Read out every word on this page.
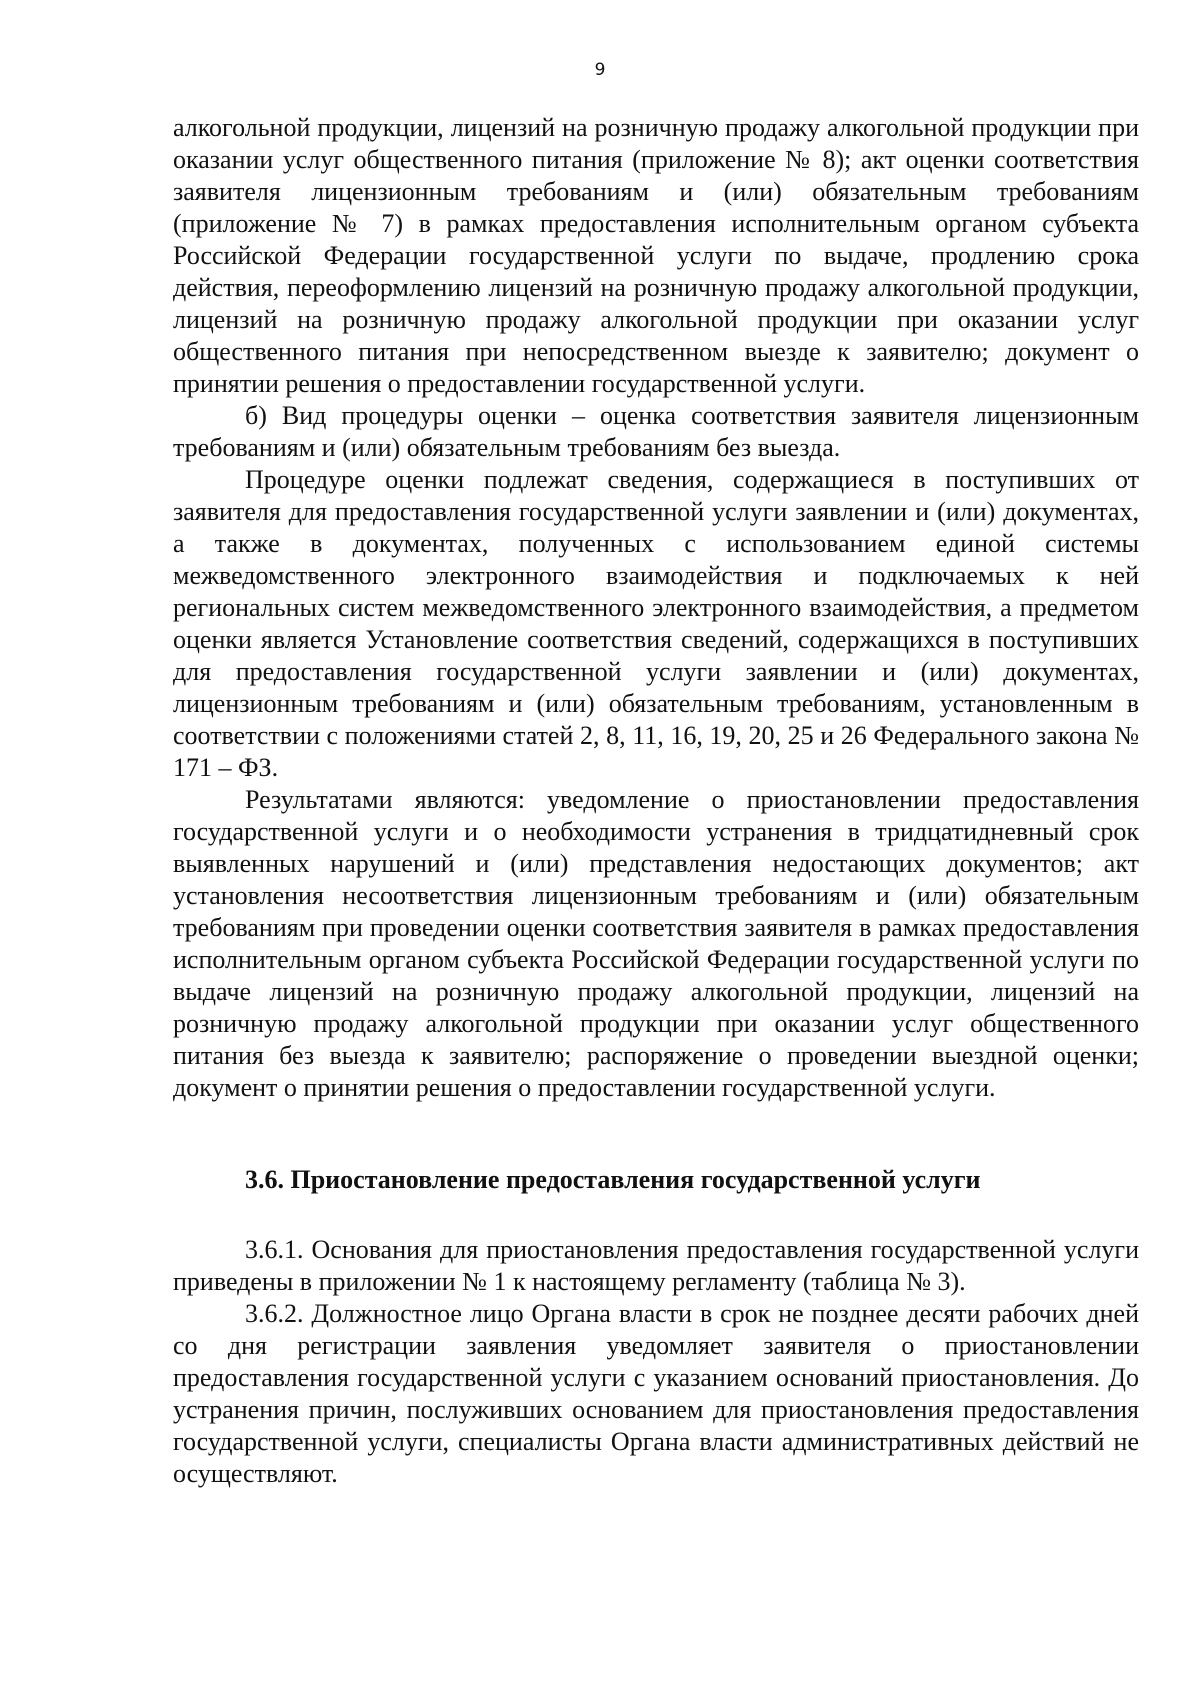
9

алкогольной продукции, лицензий на розничную продажу алкогольной продукции при оказании услуг общественного питания (приложение № 8); акт оценки соответствия заявителя лицензионным требованиям и (или) обязательным требованиям (приложение № 7) в рамках предоставления исполнительным органом субъекта Российской Федерации государственной услуги по выдаче, продлению срока действия, переоформлению лицензий на розничную продажу алкогольной продукции, лицензий на розничную продажу алкогольной продукции при оказании услуг общественного питания при непосредственном выезде к заявителю; документ о принятии решения о предоставлении государственной услуги.

б) Вид процедуры оценки – оценка соответствия заявителя лицензионным требованиям и (или) обязательным требованиям без выезда.

Процедуре оценки подлежат сведения, содержащиеся в поступивших от заявителя для предоставления государственной услуги заявлении и (или) документах, а также в документах, полученных с использованием единой системы межведомственного электронного взаимодействия и подключаемых к ней региональных систем межведомственного электронного взаимодействия, а предметом оценки является Установление соответствия сведений, содержащихся в поступивших для предоставления государственной услуги заявлении и (или) документах, лицензионным требованиям и (или) обязательным требованиям, установленным в соответствии с положениями статей 2, 8, 11, 16, 19, 20, 25 и 26 Федерального закона № 171 – ФЗ.

Результатами являются: уведомление о приостановлении предоставления государственной услуги и о необходимости устранения в тридцатидневный срок выявленных нарушений и (или) представления недостающих документов; акт установления несоответствия лицензионным требованиям и (или) обязательным требованиям при проведении оценки соответствия заявителя в рамках предоставления исполнительным органом субъекта Российской Федерации государственной услуги по выдаче лицензий на розничную продажу алкогольной продукции, лицензий на розничную продажу алкогольной продукции при оказании услуг общественного питания без выезда к заявителю; распоряжение о проведении выездной оценки; документ о принятии решения о предоставлении государственной услуги.

3.6. Приостановление предоставления государственной услуги

3.6.1. Основания для приостановления предоставления государственной услуги приведены в приложении № 1 к настоящему регламенту (таблица № 3).

3.6.2. Должностное лицо Органа власти в срок не позднее десяти рабочих дней со дня регистрации заявления уведомляет заявителя о приостановлении предоставления государственной услуги с указанием оснований приостановления. До устранения причин, послуживших основанием для приостановления предоставления государственной услуги, специалисты Органа власти административных действий не осуществляют.
